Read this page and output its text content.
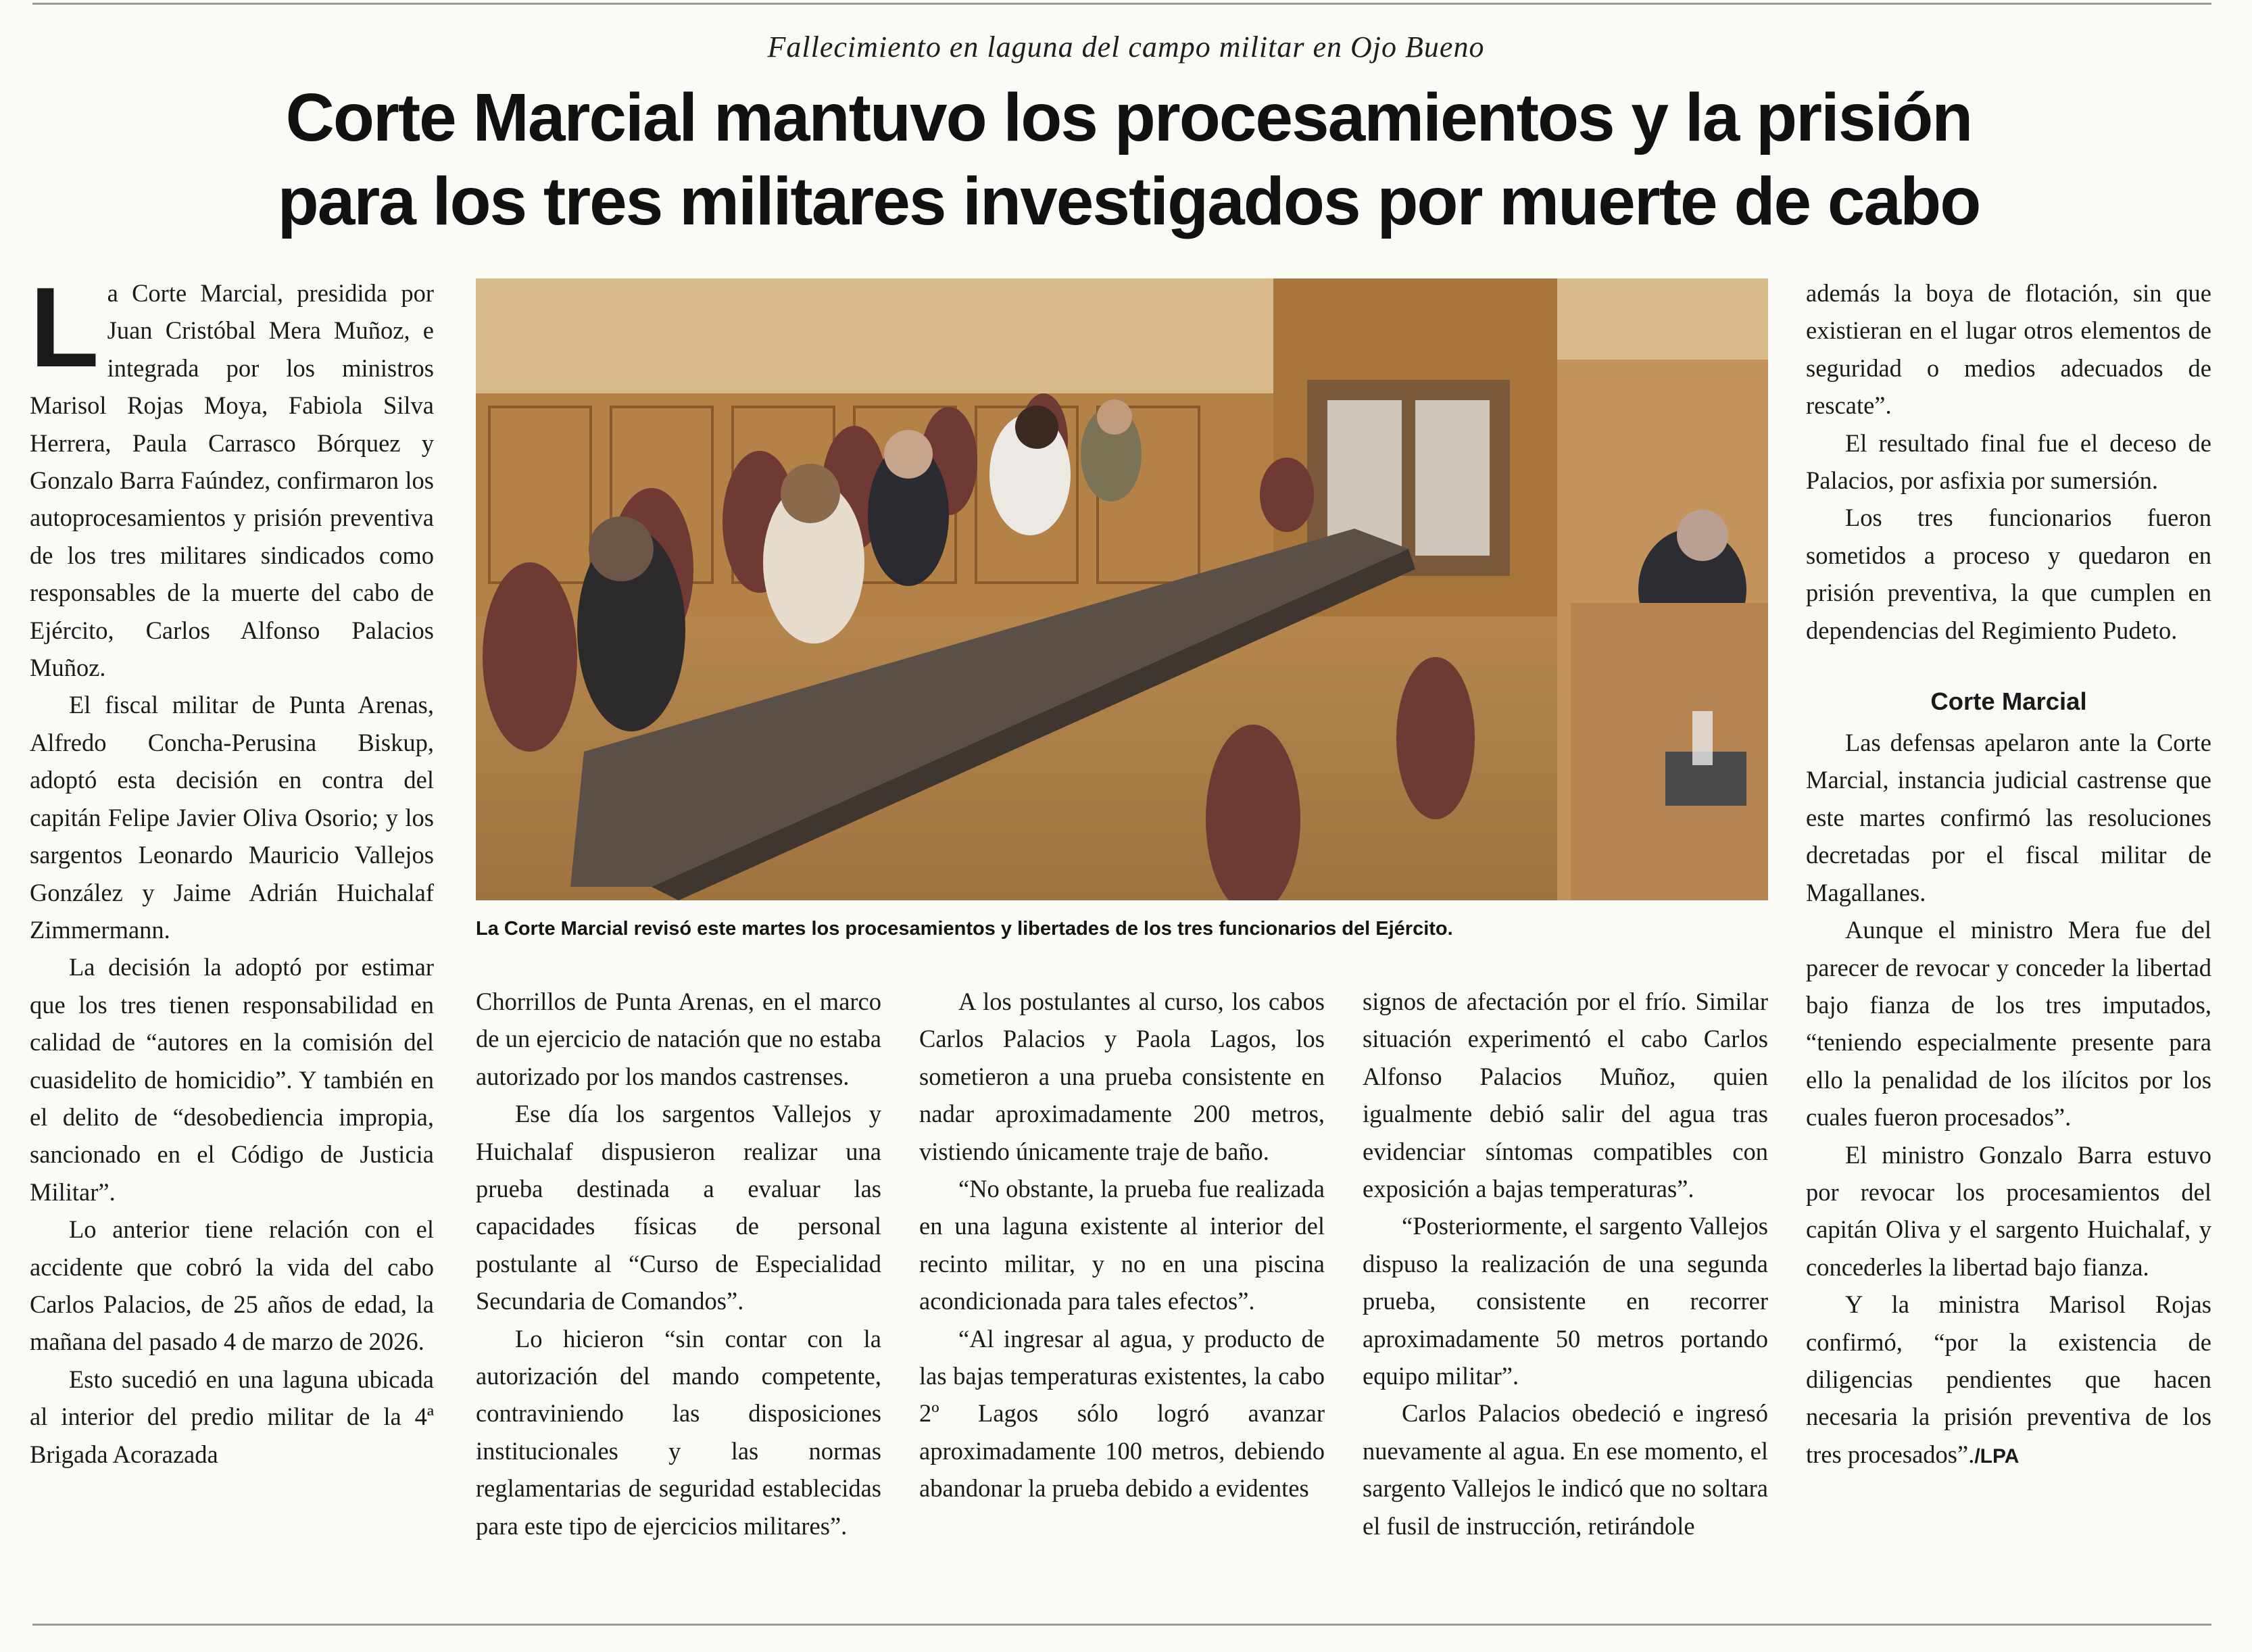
Fallecimiento en laguna del campo militar en Ojo Bueno
Corte Marcial mantuvo los procesamientos y la prisión
para los tres militares investigados por muerte de cabo

La Corte Marcial, presidida por Juan Cristóbal Mera Muñoz, e integrada por los ministros Marisol Rojas Moya, Fabiola Silva Herrera, Paula Carrasco Bórquez y Gonzalo Barra Faúndez, confirmaron los autoprocesamientos y prisión preventiva de los tres militares sindicados como responsables de la muerte del cabo de Ejército, Carlos Alfonso Palacios Muñoz.

El fiscal militar de Punta Arenas, Alfredo Concha-Perusina Biskup, adoptó esta decisión en contra del capitán Felipe Javier Oliva Osorio; y los sargentos Leonardo Mauricio Vallejos González y Jaime Adrián Huichalaf Zimmermann.

La decisión la adoptó por estimar que los tres tienen responsabilidad en calidad de “autores en la comisión del cuasidelito de homicidio”. Y también en el delito de “desobediencia impropia, sancionado en el Código de Justicia Militar”.

Lo anterior tiene relación con el accidente que cobró la vida del cabo Carlos Palacios, de 25 años de edad, la mañana del pasado 4 de marzo de 2026.

Esto sucedió en una laguna ubicada al interior del predio militar de la 4ª Brigada Acorazada

La Corte Marcial revisó este martes los procesamientos y libertades de los tres funcionarios del Ejército.

Chorrillos de Punta Arenas, en el marco de un ejercicio de natación que no estaba autorizado por los mandos castrenses.

Ese día los sargentos Vallejos y Huichalaf dispusieron realizar una prueba destinada a evaluar las capacidades físicas de personal postulante al “Curso de Especialidad Secundaria de Comandos”.

Lo hicieron “sin contar con la autorización del mando competente, contraviniendo las disposiciones institucionales y las normas reglamentarias de seguridad establecidas para este tipo de ejercicios militares”.

A los postulantes al curso, los cabos Carlos Palacios y Paola Lagos, los sometieron a una prueba consistente en nadar aproximadamente 200 metros, vistiendo únicamente traje de baño.

“No obstante, la prueba fue realizada en una laguna existente al interior del recinto militar, y no en una piscina acondicionada para tales efectos”.

“Al ingresar al agua, y producto de las bajas temperaturas existentes, la cabo 2º Lagos sólo logró avanzar aproximadamente 100 metros, debiendo abandonar la prueba debido a evidentes

signos de afectación por el frío. Similar situación experimentó el cabo Carlos Alfonso Palacios Muñoz, quien igualmente debió salir del agua tras evidenciar síntomas compatibles con exposición a bajas temperaturas”.

“Posteriormente, el sargento Vallejos dispuso la realización de una segunda prueba, consistente en recorrer aproximadamente 50 metros portando equipo militar”.

Carlos Palacios obedeció e ingresó nuevamente al agua. En ese momento, el sargento Vallejos le indicó que no soltara el fusil de instrucción, retirándole

además la boya de flotación, sin que existieran en el lugar otros elementos de seguridad o medios adecuados de rescate”.

El resultado final fue el deceso de Palacios, por asfixia por sumersión.

Los tres funcionarios fueron sometidos a proceso y quedaron en prisión preventiva, la que cumplen en dependencias del Regimiento Pudeto.

Corte Marcial

Las defensas apelaron ante la Corte Marcial, instancia judicial castrense que este martes confirmó las resoluciones decretadas por el fiscal militar de Magallanes.

Aunque el ministro Mera fue del parecer de revocar y conceder la libertad bajo fianza de los tres imputados, “teniendo especialmente presente para ello la penalidad de los ilícitos por los cuales fueron procesados”.

El ministro Gonzalo Barra estuvo por revocar los procesamientos del capitán Oliva y el sargento Huichalaf, y concederles la libertad bajo fianza.

Y la ministra Marisol Rojas confirmó, “por la existencia de diligencias pendientes que hacen necesaria la prisión preventiva de los tres procesados”./LPA
